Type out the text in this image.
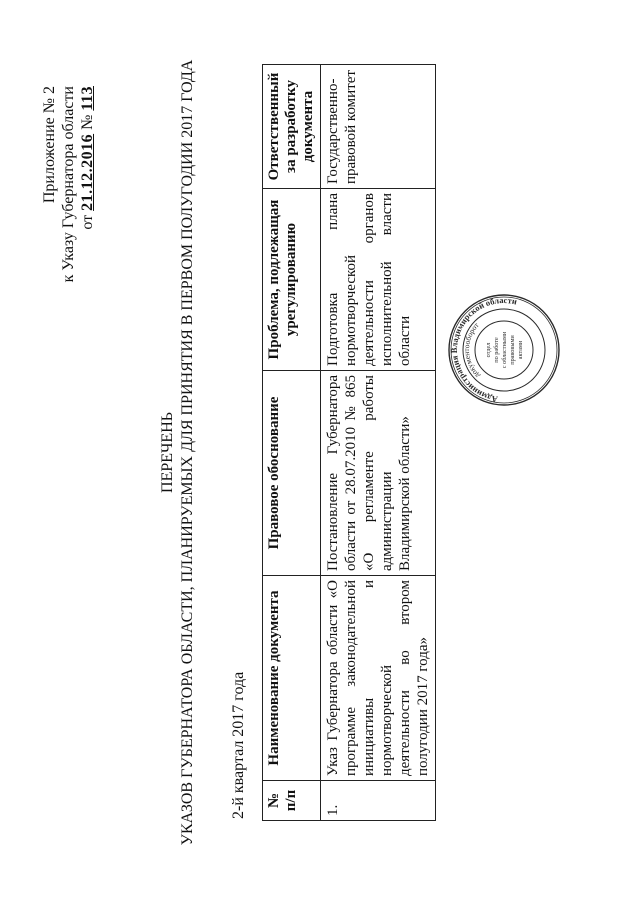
Приложение № 2 к Указу Губернатора области от 21.12.2016 № 113
ПЕРЕЧЕНЬ УКАЗОВ ГУБЕРНАТОРА ОБЛАСТИ, ПЛАНИРУЕМЫХ ДЛЯ ПРИНЯТИЯ В ПЕРВОМ ПОЛУГОДИИ 2017 ГОДА 2-й квартал 2017 года № п/п	Наименование документа	Правовое обоснование	Проблема, подлежащая урегулированию	Ответственный за разработку документа
1.	Указ Губернатора области «О программе законодательной инициативы и нормотворческой деятельности во втором полугодии 2017 года»	Постановление Губернатора области от 28.07.2010 № 865 «О регламенте работы администрации Владимирской области»	Подготовка плана нормотворческой деятельности органов исполнительной власти области	Государственно-правовой комитет
Администрация Владимирской области
документооборот
отдел по работе с областными правовыми актами
